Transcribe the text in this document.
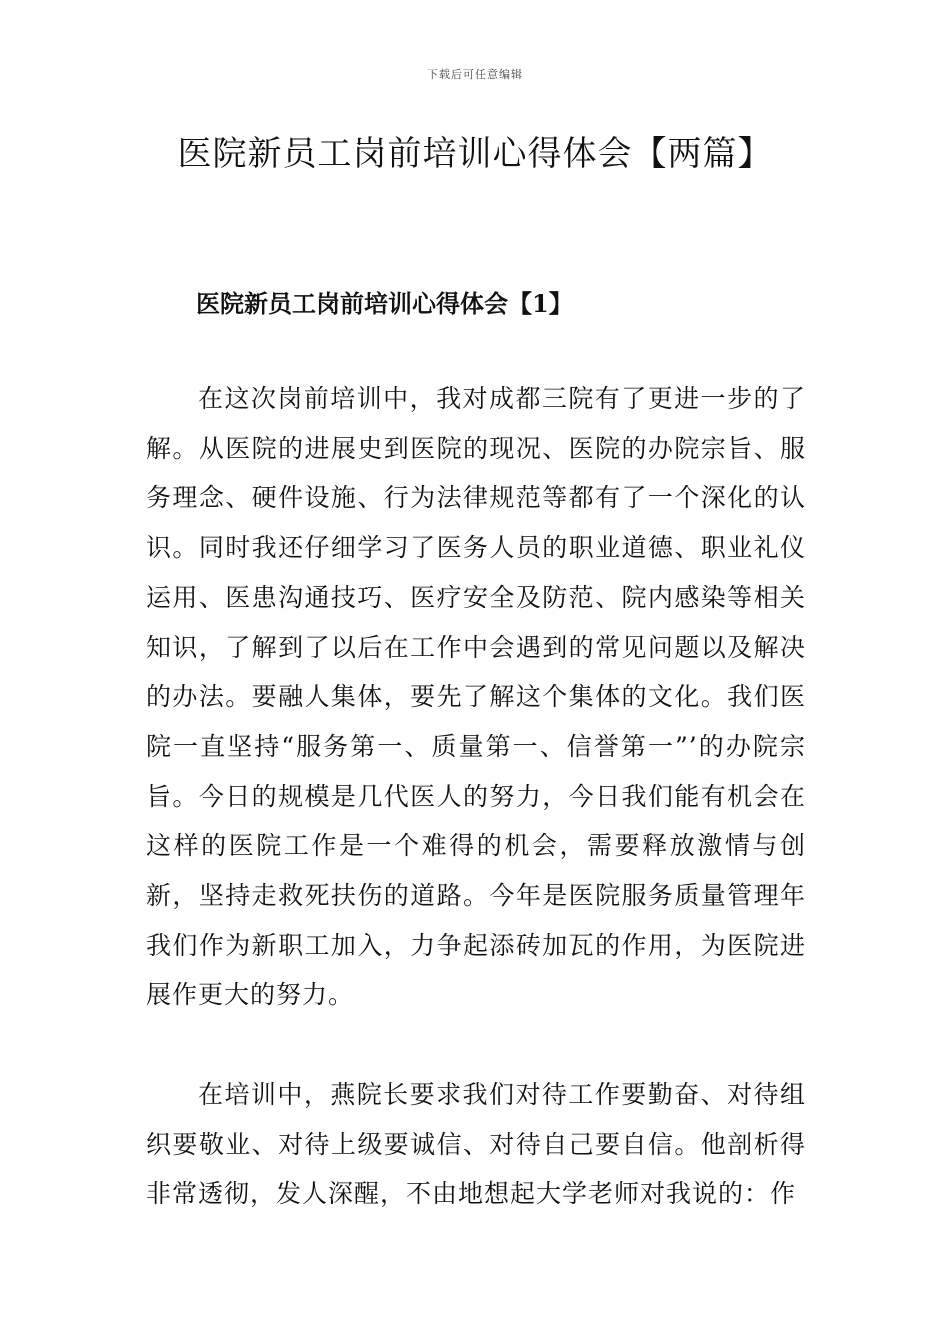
下载后可任意编辑
医院新员工岗前培训心得体会【两篇】
医院新员工岗前培训心得体会【1】

在这次岗前培训中，我对成都三院有了更进一步的了解。从医院的进展史到医院的现况、医院的办院宗旨、服务理念、硬件设施、行为法律规范等都有了一个深化的认识。同时我还仔细学习了医务人员的职业道德、职业礼仪运用、医患沟通技巧、医疗安全及防范、院内感染等相关知识，了解到了以后在工作中会遇到的常见问题以及解决的办法。要融人集体，要先了解这个集体的文化。我们医院一直坚持“服务第一、质量第一、信誉第一”’的办院宗旨。今日的规模是几代医人的努力，今日我们能有机会在这样的医院工作是一个难得的机会，需要释放激情与创新，坚持走救死扶伤的道路。今年是医院服务质量管理年我们作为新职工加入，力争起添砖加瓦的作用，为医院进展作更大的努力。

在培训中，燕院长要求我们对待工作要勤奋、对待组织要敬业、对待上级要诚信、对待自己要自信。他剖析得非常透彻，发人深醒，不由地想起大学老师对我说的：作
